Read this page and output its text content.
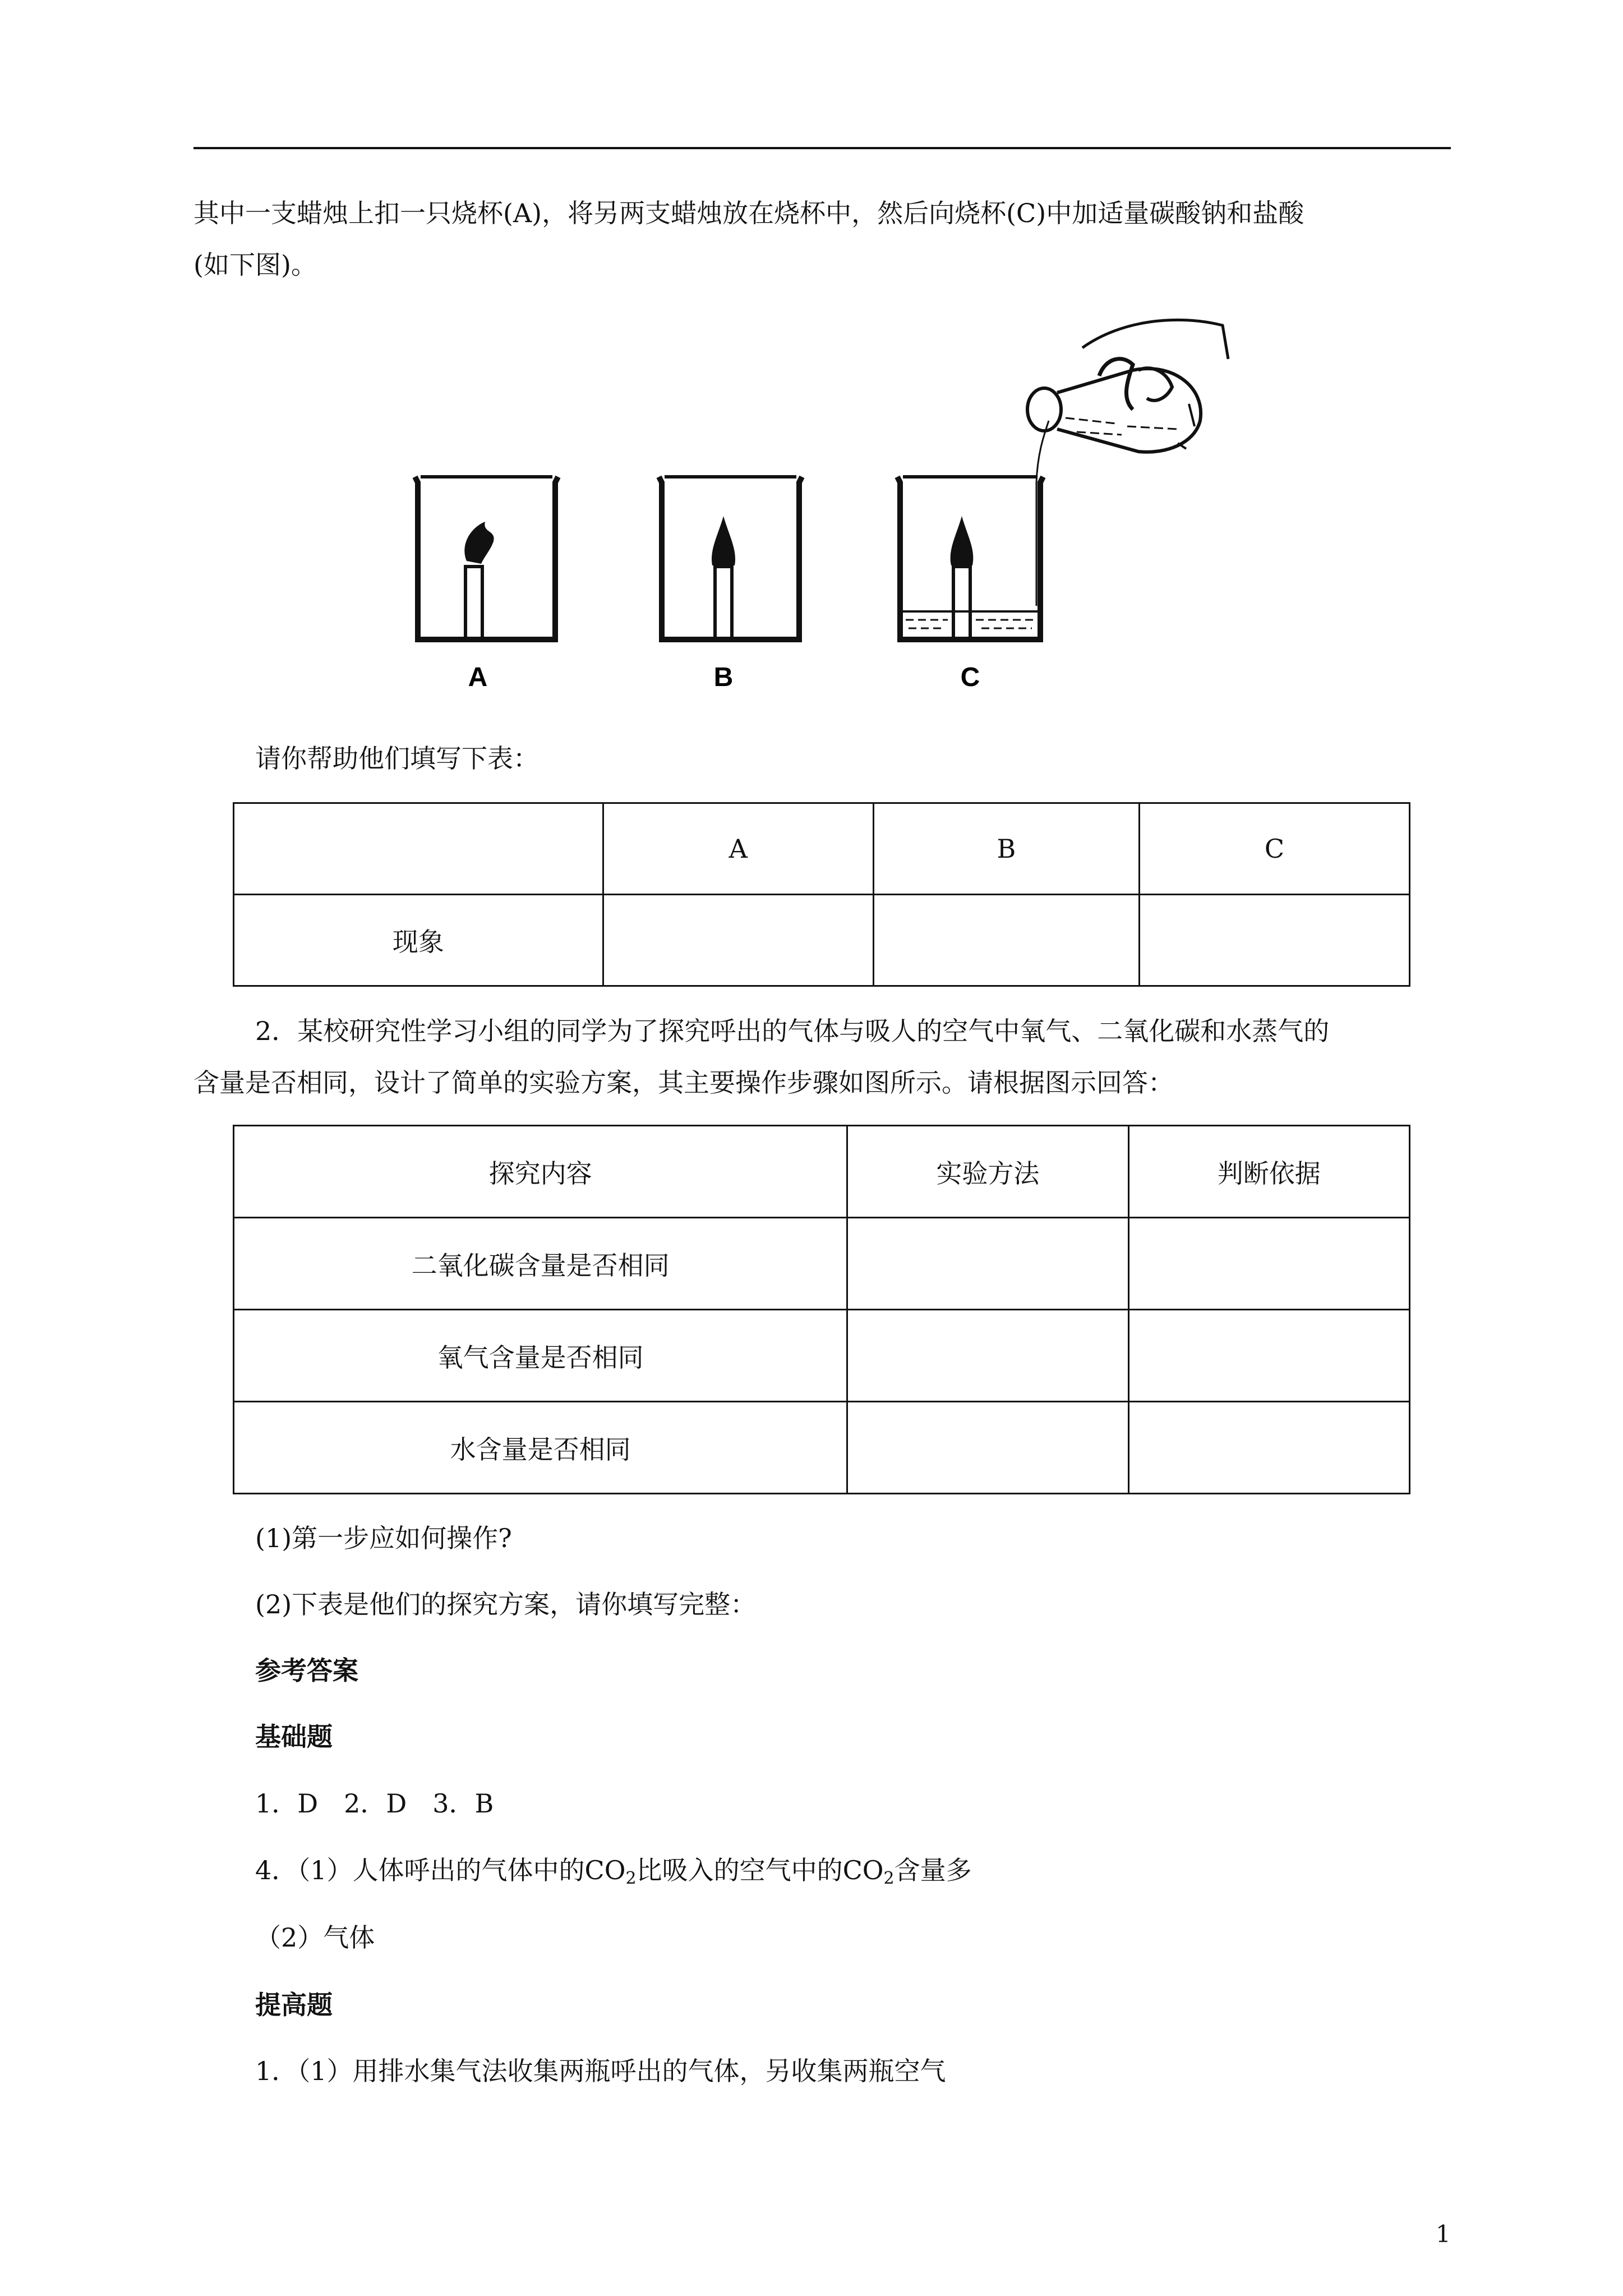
其中一支蜡烛上扣一只烧杯(A)，将另两支蜡烛放在烧杯中，然后向烧杯(C)中加适量碳酸钠和盐酸
(如下图)。
A	B	C
请你帮助他们填写下表：
	A	B	C
现象			
2．某校研究性学习小组的同学为了探究呼出的气体与吸人的空气中氧气、二氧化碳和水蒸气的
含量是否相同，设计了简单的实验方案，其主要操作步骤如图所示。请根据图示回答：
探究内容	实验方法	判断依据
二氧化碳含量是否相同		
氧气含量是否相同		
水含量是否相同		
(1)第一步应如何操作?
(2)下表是他们的探究方案，请你填写完整：
参考答案
基础题
1．D　2．D　3．B
4．（1）人体呼出的气体中的$CO_2$比吸入的空气中的$CO_2$含量多
（2）气体
提高题
1．（1）用排水集气法收集两瓶呼出的气体，另收集两瓶空气
1
